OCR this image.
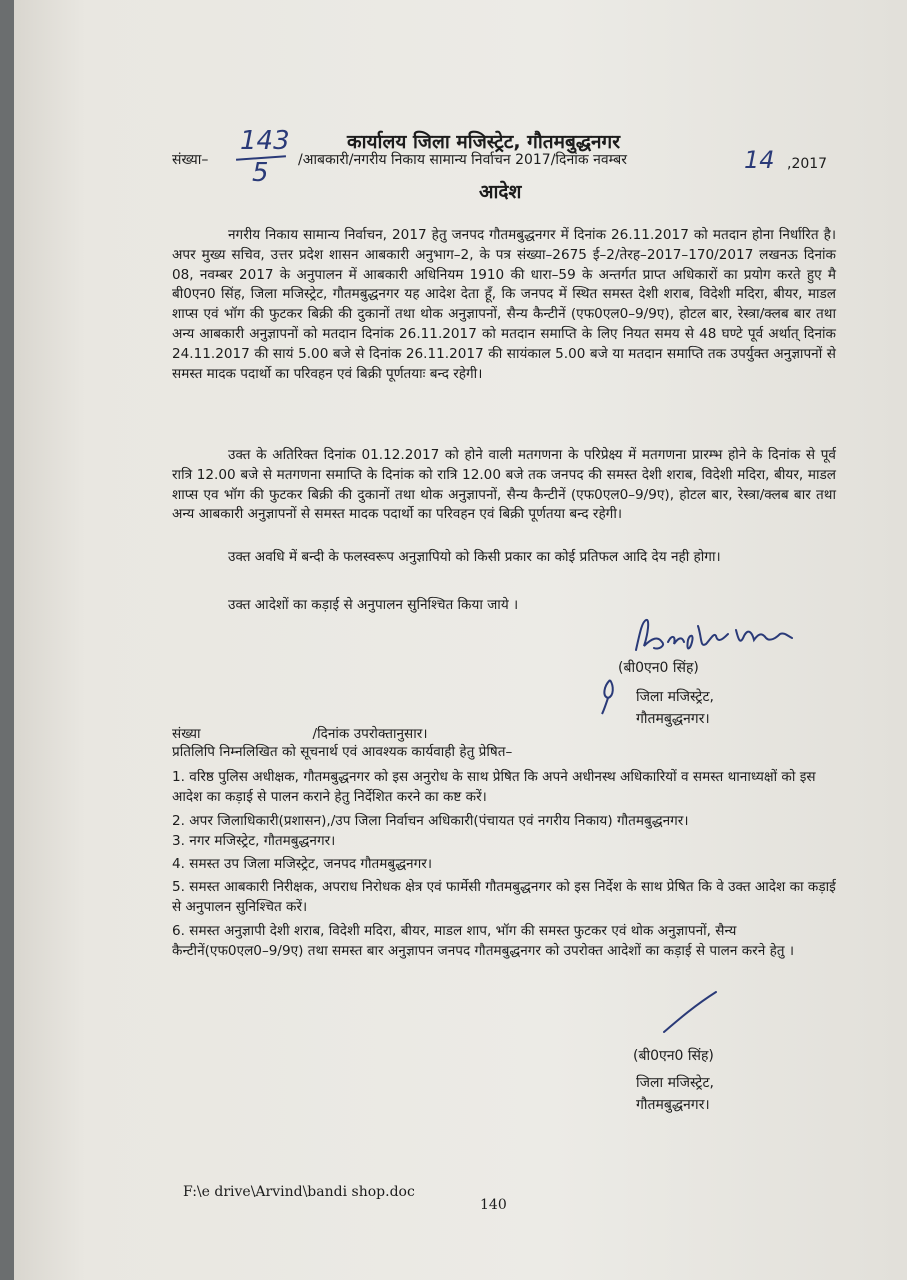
कार्यालय जिला मजिस्ट्रेट, गौतमबुद्धनगर
संख्या–
143
5 /आबकारी/नगरीय निकाय सामान्य निर्वाचन 2017/दिनांक नवम्बर	14 ,2017
आदेश
नगरीय निकाय सामान्य निर्वाचन, 2017 हेतु जनपद गौतमबुद्धनगर में दिनांक 26.11.2017 को मतदान होना निर्धारित है। अपर मुख्य सचिव, उत्तर प्रदेश शासन आबकारी अनुभाग–2, के पत्र संख्या–2675 ई–2/तेरह–2017–170/2017 लखनऊ दिनांक 08, नवम्बर 2017 के अनुपालन में आबकारी अधिनियम 1910 की धारा–59 के अन्तर्गत प्राप्त अधिकारों का प्रयोग करते हुए मै बी0एन0 सिंह, जिला मजिस्ट्रेट, गौतमबुद्धनगर यह आदेश देता हूँ, कि जनपद में स्थित समस्त देशी शराब, विदेशी मदिरा, बीयर, माडल शाप्स एवं भॉग की फुटकर बिक्री की दुकानों तथा थोक अनुज्ञापनों, सैन्य कैन्टीनें (एफ0एल0–9/9ए), होटल बार, रेस्त्रा/क्लब बार तथा अन्य आबकारी अनुज्ञापनों को मतदान दिनांक 26.11.2017 को मतदान समाप्ति के लिए नियत समय से 48 घण्टे पूर्व अर्थात् दिनांक 24.11.2017 की सायं 5.00 बजे से दिनांक 26.11.2017 की सायंकाल 5.00 बजे या मतदान समाप्ति तक उपर्युक्त अनुज्ञापनों से समस्त मादक पदार्थो का परिवहन एवं बिक्री पूर्णतयाः बन्द रहेगी।
उक्त के अतिरिक्त दिनांक 01.12.2017 को होने वाली मतगणना के परिप्रेक्ष्य में मतगणना प्रारम्भ होने के दिनांक से पूर्व रात्रि 12.00 बजे से मतगणना समाप्ति के दिनांक को रात्रि 12.00 बजे तक जनपद की समस्त देशी शराब, विदेशी मदिरा, बीयर, माडल शाप्स एव भॉग की फुटकर बिक्री की दुकानों तथा थोक अनुज्ञापनों, सैन्य कैन्टीनें (एफ0एल0–9/9ए), होटल बार, रेस्त्रा/क्लब बार तथा अन्य आबकारी अनुज्ञापनों से समस्त मादक पदार्थो का परिवहन एवं बिक्री पूर्णतया बन्द रहेगी।
उक्त अवधि में बन्दी के फलस्वरूप अनुज्ञापियो को किसी प्रकार का कोई प्रतिफल आदि देय नही होगा।
उक्त आदेशों का कड़ाई से अनुपालन सुनिश्चित किया जाये ।
(बी0एन0 सिंह)
जिला मजिस्ट्रेट,
गौतमबुद्धनगर।
संख्या	/दिनांक उपरोक्तानुसार।
प्रतिलिपि निम्नलिखित को सूचनार्थ एवं आवश्यक कार्यवाही हेतु प्रेषित–
1. वरिष्ठ पुलिस अधीक्षक, गौतमबुद्धनगर को इस अनुरोध के साथ प्रेषित कि अपने अधीनस्थ अधिकारियों व समस्त थानाध्यक्षों को इस आदेश का कड़ाई से पालन कराने हेतु निर्देशित करने का कष्ट करें।
2. अपर जिलाधिकारी(प्रशासन),/उप जिला निर्वाचन अधिकारी(पंचायत एवं नगरीय निकाय) गौतमबुद्धनगर।
3. नगर मजिस्ट्रेट, गौतमबुद्धनगर।
4. समस्त उप जिला मजिस्ट्रेट, जनपद गौतमबुद्धनगर।
5. समस्त आबकारी निरीक्षक, अपराध निरोधक क्षेत्र एवं फार्मेसी गौतमबुद्धनगर को इस निर्देश के साथ प्रेषित कि वे उक्त आदेश का कड़ाई से अनुपालन सुनिश्चित करें।
6. समस्त अनुज्ञापी देशी शराब, विदेशी मदिरा, बीयर, माडल शाप, भॉग की समस्त फुटकर एवं थोक अनुज्ञापनों, सैन्य कैन्टीनें(एफ0एल0–9/9ए) तथा समस्त बार अनुज्ञापन जनपद गौतमबुद्धनगर को उपरोक्त आदेशों का कड़ाई से पालन करने हेतु ।
(बी0एन0 सिंह)
जिला मजिस्ट्रेट,
गौतमबुद्धनगर।
F:\e drive\Arvind\bandi shop.doc
140
